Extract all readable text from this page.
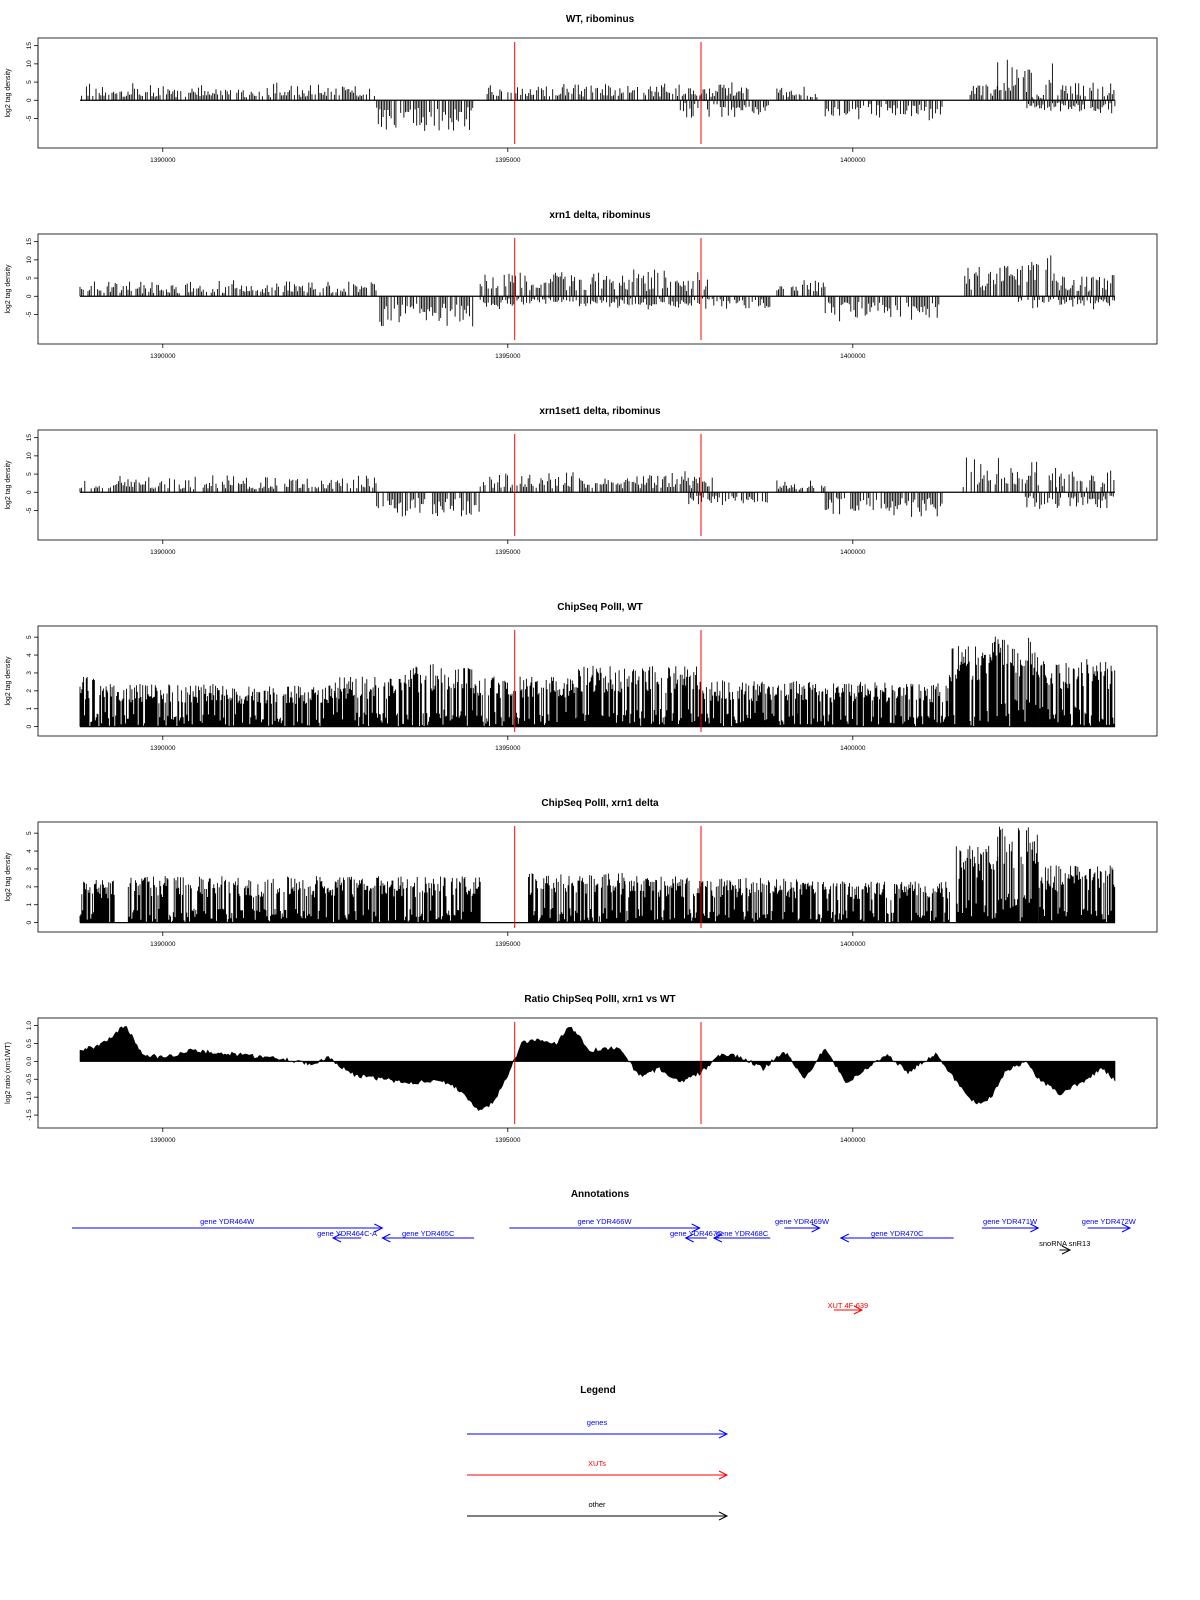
WT, ribominus
log2 tag density
-5
0
5
10
15
1390000	1395000	1400000
xrn1 delta, ribominus
log2 tag density
-5
0
5
10
15
1390000	1395000	1400000
xrn1set1 delta, ribominus
log2 tag density
-5
0
5
10
15
1390000	1395000	1400000
ChipSeq PolII, WT
log2 tag density
0
1
2
3
4
5
1390000	1395000	1400000
ChipSeq PolII, xrn1 delta
log2 tag density
0
1
2
3
4
5
1390000	1395000	1400000
Ratio ChipSeq PolII, xrn1 vs WT
log2 ratio (xrn1/WT)
-1.5
-1.0
-0.5
0.0
0.5
1.0
1390000	1395000	1400000
Annotations
gene YDR464W
gene YDR464C-A	gene YDR465C
gene YDR466W
gene YDR467C
gene YDR468C
gene YDR469W
gene YDR470C
gene YDR471W	gene YDR472W
snoRNA snR13
XUT 4F-639
Legend
genes
XUTs
other
